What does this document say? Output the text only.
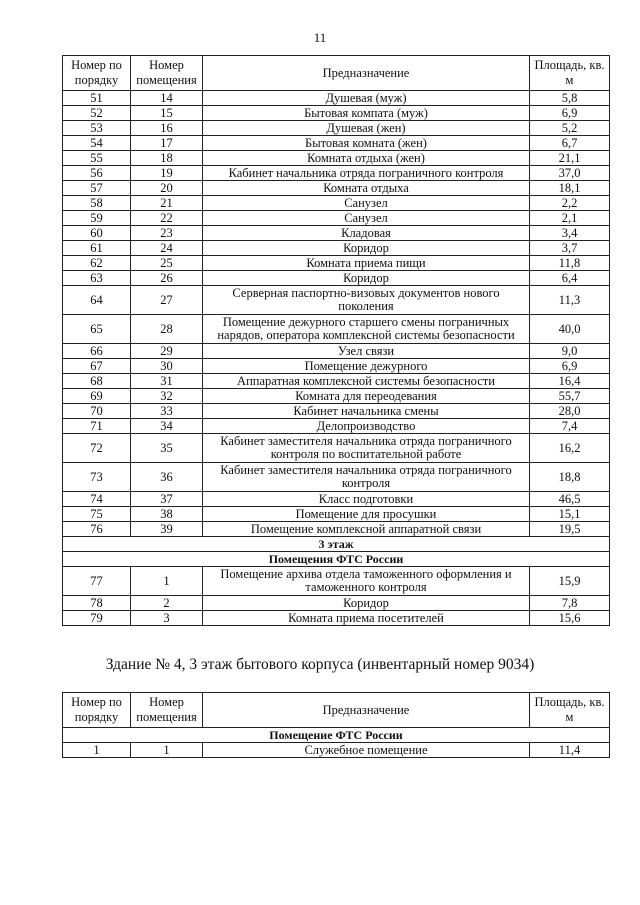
11
Номер по порядку	Номер помещения	Предназначение	Площадь, кв. м
51	14	Душевая (муж)	5,8
52	15	Бытовая компата (муж)	6,9
53	16	Душевая (жен)	5,2
54	17	Бытовая комната (жен)	6,7
55	18	Комната отдыха (жен)	21,1
56	19	Кабинет начальника отряда пограничного контроля	37,0
57	20	Комната отдыха	18,1
58	21	Санузел	2,2
59	22	Санузел	2,1
60	23	Кладовая	3,4
61	24	Коридор	3,7
62	25	Комната приема пищи	11,8
63	26	Коридор	6,4
64	27	Серверная паспортно-визовых документов нового поколения	11,3
65	28	Помещение дежурного старшего смены пограничных нарядов, оператора комплексной системы безопасности	40,0
66	29	Узел связи	9,0
67	30	Помещение дежурного	6,9
68	31	Аппаратная комплексной системы безопасности	16,4
69	32	Комната для переодевания	55,7
70	33	Кабинет начальника смены	28,0
71	34	Делопроизводство	7,4
72	35	Кабинет заместителя начальника отряда пограничного контроля по воспитательной работе	16,2
73	36	Кабинет заместителя начальника отряда пограничного контроля	18,8
74	37	Класс подготовки	46,5
75	38	Помещение для просушки	15,1
76	39	Помещение комплексной аппаратной связи	19,5
3 этаж			
Помещения ФТС России			
77	1	Помещение архива отдела таможенного оформления и таможенного контроля	15,9
78	2	Коридор	7,8
79	3	Комната приема посетителей	15,6
Здание № 4, 3 этаж бытового корпуса (инвентарный номер 9034)
Номер по порядку	Номер помещения	Предназначение	Площадь, кв. м
Помещение ФТС России			
1	1	Служебное помещение	11,4
